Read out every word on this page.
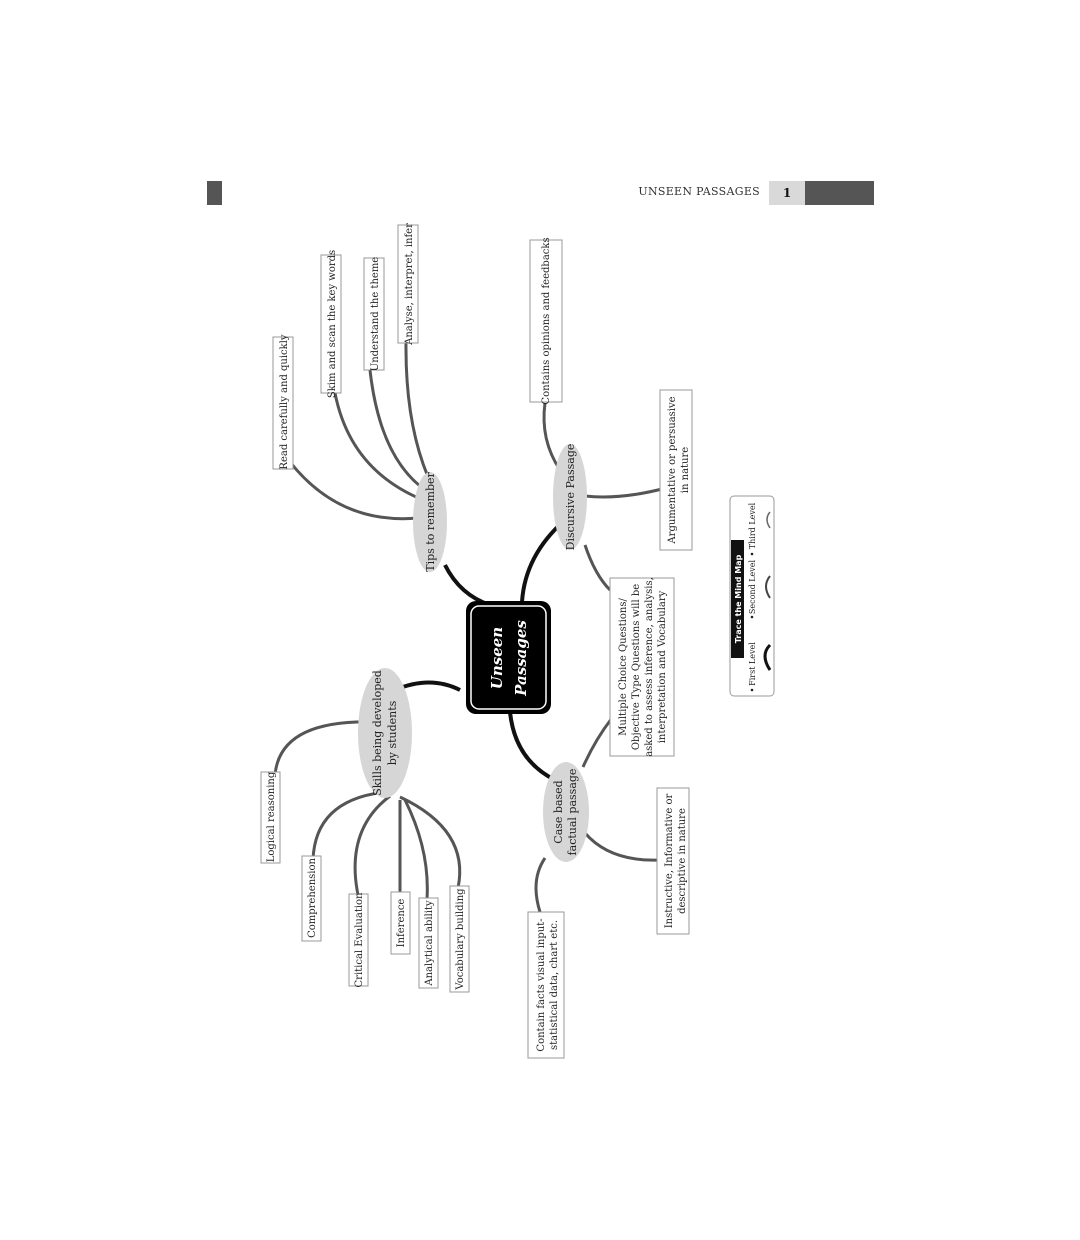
UNSEEN PASSAGES	1
Unseen Passages
Tips to remember
Read carefully and quickly
Skim and scan the key words	Understand the theme Analyse, interpret, infer
Discursive Passage
Contains opinions and feedbacks
Argumentative or persuasive in nature
Multiple Choice Questions/ Objective Type Questions will be asked to assess inference, analysis, interpretation and Vocabulary
Case based factual passage	Instructive, Informative or descriptive in nature
Contain facts visual input- statistical data, chart etc.
Skills being developed by students
Logical reasoning
Comprehension	Critical Evaluation	Inference Analytical ability Vocabulary building
Trace the Mind Map
First Level
Second Level
Third Level
